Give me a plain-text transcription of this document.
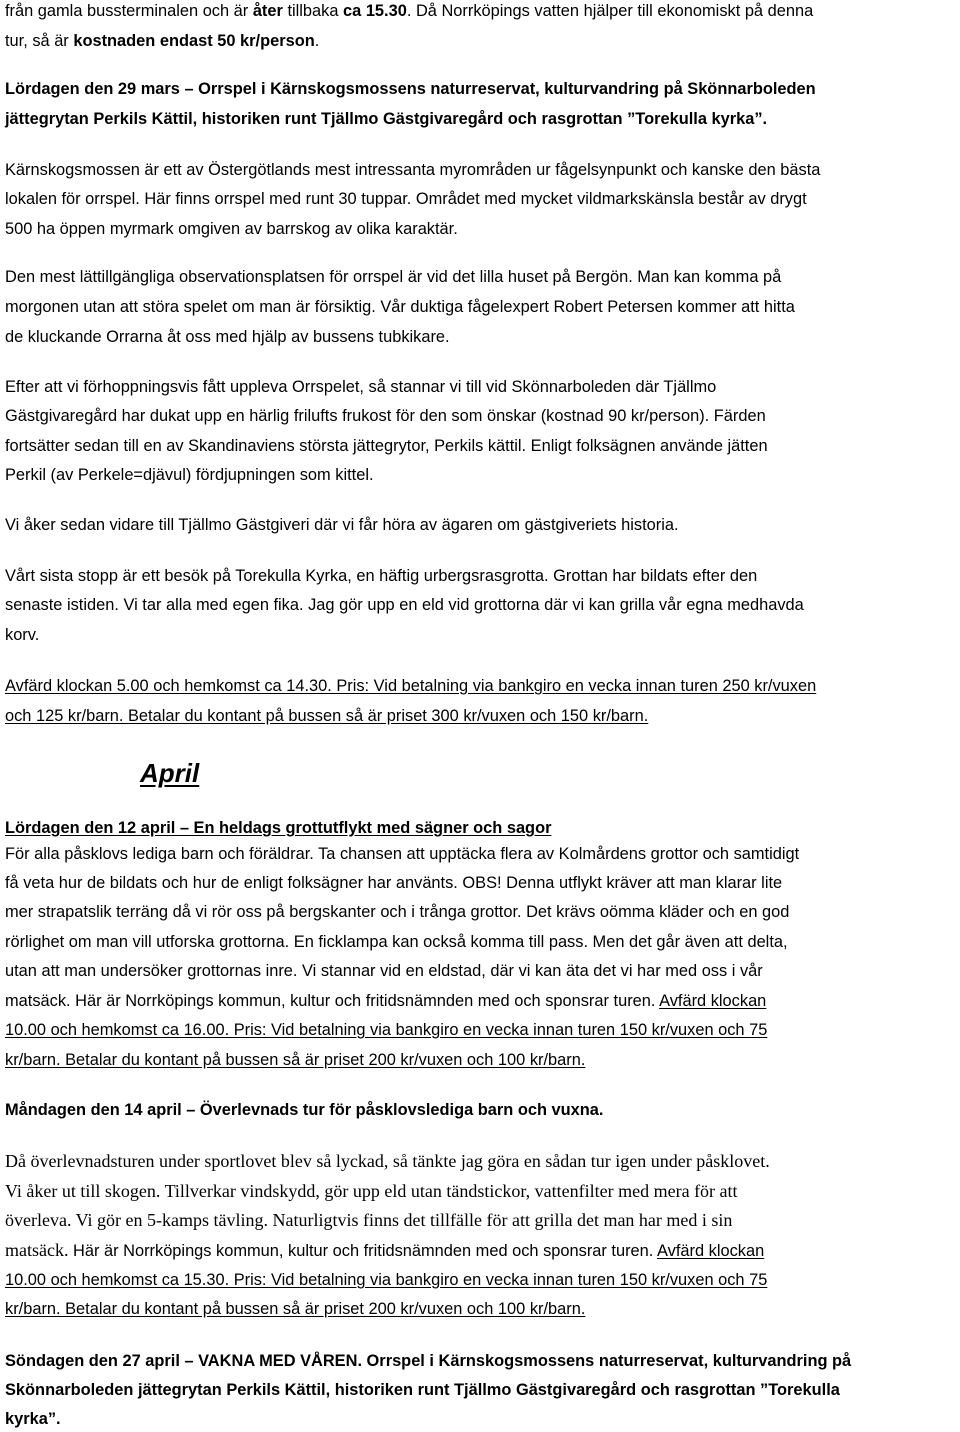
från gamla bussterminalen och är åter tillbaka ca 15.30. Då Norrköpings vatten hjälper till ekonomiskt på denna
tur, så är kostnaden endast 50 kr/person.
Lördagen den 29 mars – Orrspel i Kärnskogsmossens naturreservat, kulturvandring på Skönnarboleden
jättegrytan Perkils Kättil, historiken runt Tjällmo Gästgivaregård och rasgrottan ”Torekulla kyrka”.
Kärnskogsmossen är ett av Östergötlands mest intressanta myrområden ur fågelsynpunkt och kanske den bästa
lokalen för orrspel. Här finns orrspel med runt 30 tuppar. Området med mycket vildmarkskänsla består av drygt
500 ha öppen myrmark omgiven av barrskog av olika karaktär.
Den mest lättillgängliga observationsplatsen för orrspel är vid det lilla huset på Bergön. Man kan komma på
morgonen utan att störa spelet om man är försiktig. Vår duktiga fågelexpert Robert Petersen kommer att hitta
de kluckande Orrarna åt oss med hjälp av bussens tubkikare.
Efter att vi förhoppningsvis fått uppleva Orrspelet, så stannar vi till vid Skönnarboleden där Tjällmo
Gästgivaregård har dukat upp en härlig frilufts frukost för den som önskar (kostnad 90 kr/person). Färden
fortsätter sedan till en av Skandinaviens största jättegrytor, Perkils kättil. Enligt folksägnen använde jätten
Perkil (av Perkele=djävul) fördjupningen som kittel.
Vi åker sedan vidare till Tjällmo Gästgiveri där vi får höra av ägaren om gästgiveriets historia.
Vårt sista stopp är ett besök på Torekulla Kyrka, en häftig urbergsrasgrotta. Grottan har bildats efter den
senaste istiden. Vi tar alla med egen fika. Jag gör upp en eld vid grottorna där vi kan grilla vår egna medhavda
korv.
Avfärd klockan 5.00 och hemkomst ca 14.30. Pris: Vid betalning via bankgiro en vecka innan turen 250 kr/vuxen
och 125 kr/barn. Betalar du kontant på bussen så är priset 300 kr/vuxen och 150 kr/barn.
April
Lördagen den 12 april – En heldags grottutflykt med sägner och sagor
För alla påsklovs lediga barn och föräldrar. Ta chansen att upptäcka flera av Kolmårdens grottor och samtidigt
få veta hur de bildats och hur de enligt folksägner har använts. OBS! Denna utflykt kräver att man klarar lite
mer strapatslik terräng då vi rör oss på bergskanter och i trånga grottor. Det krävs oömma kläder och en god
rörlighet om man vill utforska grottorna. En ficklampa kan också komma till pass. Men det går även att delta,
utan att man undersöker grottornas inre. Vi stannar vid en eldstad, där vi kan äta det vi har med oss i vår
matsäck. Här är Norrköpings kommun, kultur och fritidsnämnden med och sponsrar turen. Avfärd klockan
10.00 och hemkomst ca 16.00. Pris: Vid betalning via bankgiro en vecka innan turen 150 kr/vuxen och 75
kr/barn. Betalar du kontant på bussen så är priset 200 kr/vuxen och 100 kr/barn.
Måndagen den 14 april – Överlevnads tur för påsklovslediga barn och vuxna.
Då överlevnadsturen under sportlovet blev så lyckad, så tänkte jag göra en sådan tur igen under påsklovet.
Vi åker ut till skogen. Tillverkar vindskydd, gör upp eld utan tändstickor, vattenfilter med mera för att
överleva. Vi gör en 5-kamps tävling. Naturligtvis finns det tillfälle för att grilla det man har med i sin
matsäck. Här är Norrköpings kommun, kultur och fritidsnämnden med och sponsrar turen. Avfärd klockan
10.00 och hemkomst ca 15.30. Pris: Vid betalning via bankgiro en vecka innan turen 150 kr/vuxen och 75
kr/barn. Betalar du kontant på bussen så är priset 200 kr/vuxen och 100 kr/barn.
Söndagen den 27 april – VAKNA MED VÅREN. Orrspel i Kärnskogsmossens naturreservat, kulturvandring på
Skönnarboleden jättegrytan Perkils Kättil, historiken runt Tjällmo Gästgivaregård och rasgrottan ”Torekulla
kyrka”.
